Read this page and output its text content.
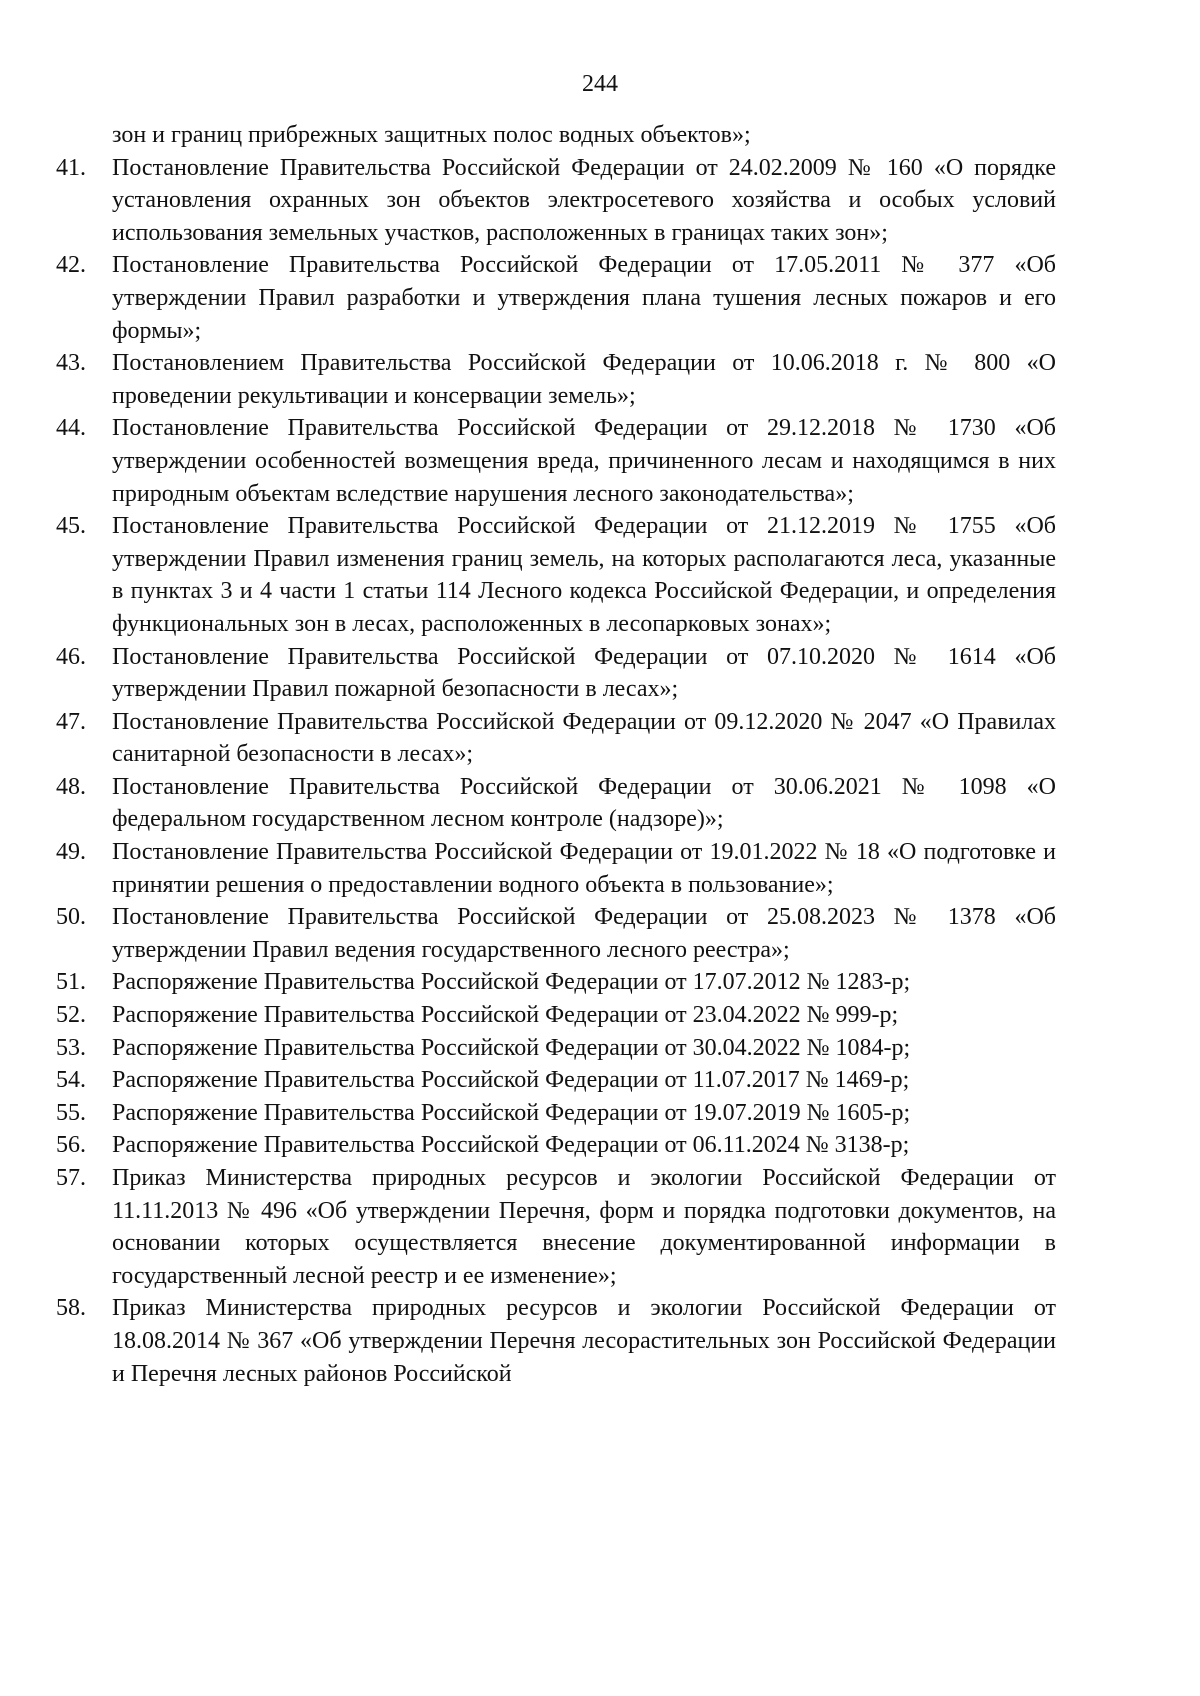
244
зон и границ прибрежных защитных полос водных объектов»;
41.	Постановление Правительства Российской Федерации от 24.02.2009 № 160 «О порядке установления охранных зон объектов электросетевого хозяйства и особых условий использования земельных участков, расположенных в границах таких зон»;
42.	Постановление Правительства Российской Федерации от 17.05.2011 № 377 «Об утверждении Правил разработки и утверждения плана тушения лесных пожаров и его формы»;
43.	Постановлением Правительства Российской Федерации от 10.06.2018 г. № 800 «О проведении рекультивации и консервации земель»;
44.	Постановление Правительства Российской Федерации от 29.12.2018 № 1730 «Об утверждении особенностей возмещения вреда, причиненного лесам и находящимся в них природным объектам вследствие нарушения лесного законодательства»;
45.	Постановление Правительства Российской Федерации от 21.12.2019 № 1755 «Об утверждении Правил изменения границ земель, на которых располагаются леса, указанные в пунктах 3 и 4 части 1 статьи 114 Лесного кодекса Российской Федерации, и определения функциональных зон в лесах, расположенных в лесопарковых зонах»;
46.	Постановление Правительства Российской Федерации от 07.10.2020 № 1614 «Об утверждении Правил пожарной безопасности в лесах»;
47.	Постановление Правительства Российской Федерации от 09.12.2020 № 2047 «О Правилах санитарной безопасности в лесах»;
48.	Постановление Правительства Российской Федерации от 30.06.2021 № 1098 «О федеральном государственном лесном контроле (надзоре)»;
49.	Постановление Правительства Российской Федерации от 19.01.2022 № 18 «О подготовке и принятии решения о предоставлении водного объекта в пользование»;
50.	Постановление Правительства Российской Федерации от 25.08.2023 № 1378 «Об утверждении Правил ведения государственного лесного реестра»;
51.	Распоряжение Правительства Российской Федерации от 17.07.2012 № 1283-р;
52.	Распоряжение Правительства Российской Федерации от 23.04.2022 № 999-р;
53.	Распоряжение Правительства Российской Федерации от 30.04.2022 № 1084-р;
54.	Распоряжение Правительства Российской Федерации от 11.07.2017 № 1469-р;
55.	Распоряжение Правительства Российской Федерации от 19.07.2019 № 1605-р;
56.	Распоряжение Правительства Российской Федерации от 06.11.2024 № 3138-р;
57.	Приказ Министерства природных ресурсов и экологии Российской Федерации от 11.11.2013 № 496 «Об утверждении Перечня, форм и порядка подготовки документов, на основании которых осуществляется внесение документированной информации в государственный лесной реестр и ее изменение»;
58.	Приказ Министерства природных ресурсов и экологии Российской Федерации от 18.08.2014 № 367 «Об утверждении Перечня лесорастительных зон Российской Федерации и Перечня лесных районов Российской
